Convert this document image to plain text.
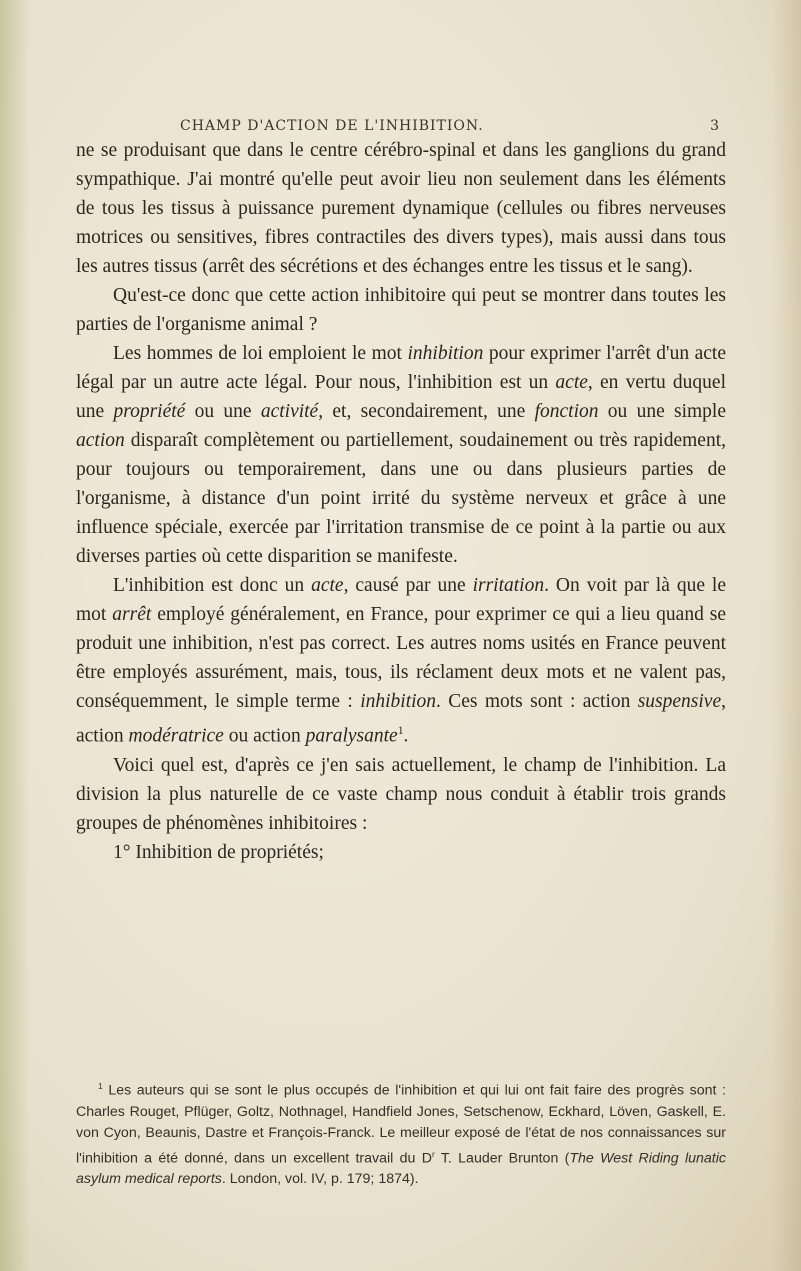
CHAMP D'ACTION DE L'INHIBITION.	3

ne se produisant que dans le centre cérébro-spinal et dans les ganglions du grand sympathique. J'ai montré qu'elle peut avoir lieu non seulement dans les éléments de tous les tissus à puissance purement dynamique (cellules ou fibres nerveuses motrices ou sensitives, fibres contractiles des divers types), mais aussi dans tous les autres tissus (arrêt des sécrétions et des échanges entre les tissus et le sang).

Qu'est-ce donc que cette action inhibitoire qui peut se montrer dans toutes les parties de l'organisme animal ?

Les hommes de loi emploient le mot inhibition pour exprimer l'arrêt d'un acte légal par un autre acte légal. Pour nous, l'inhibition est un acte, en vertu duquel une propriété ou une activité, et, secondairement, une fonction ou une simple action disparaît complètement ou partiellement, soudainement ou très rapidement, pour toujours ou temporairement, dans une ou dans plusieurs parties de l'organisme, à distance d'un point irrité du système nerveux et grâce à une influence spéciale, exercée par l'irritation transmise de ce point à la partie ou aux diverses parties où cette disparition se manifeste.

L'inhibition est donc un acte, causé par une irritation. On voit par là que le mot arrêt employé généralement, en France, pour exprimer ce qui a lieu quand se produit une inhibition, n'est pas correct. Les autres noms usités en France peuvent être employés assurément, mais, tous, ils réclament deux mots et ne valent pas, conséquemment, le simple terme : inhibition. Ces mots sont : action suspensive, action modératrice ou action paralysante$^1$.

Voici quel est, d'après ce j'en sais actuellement, le champ de l'inhibition. La division la plus naturelle de ce vaste champ nous conduit à établir trois grands groupes de phénomènes inhibitoires :

1° Inhibition de propriétés;

$^1$ Les auteurs qui se sont le plus occupés de l'inhibition et qui lui ont fait faire des progrès sont : Charles Rouget, Pflüger, Goltz, Nothnagel, Handfield Jones, Setschenow, Eckhard, Löven, Gaskell, E. von Cyon, Beaunis, Dastre et François-Franck. Le meilleur exposé de l'état de nos connaissances sur l'inhibition a été donné, dans un excellent travail du $D^r$ T. Lauder Brunton (The West Riding lunatic asylum medical reports. London, vol. IV, p. 179; 1874).
